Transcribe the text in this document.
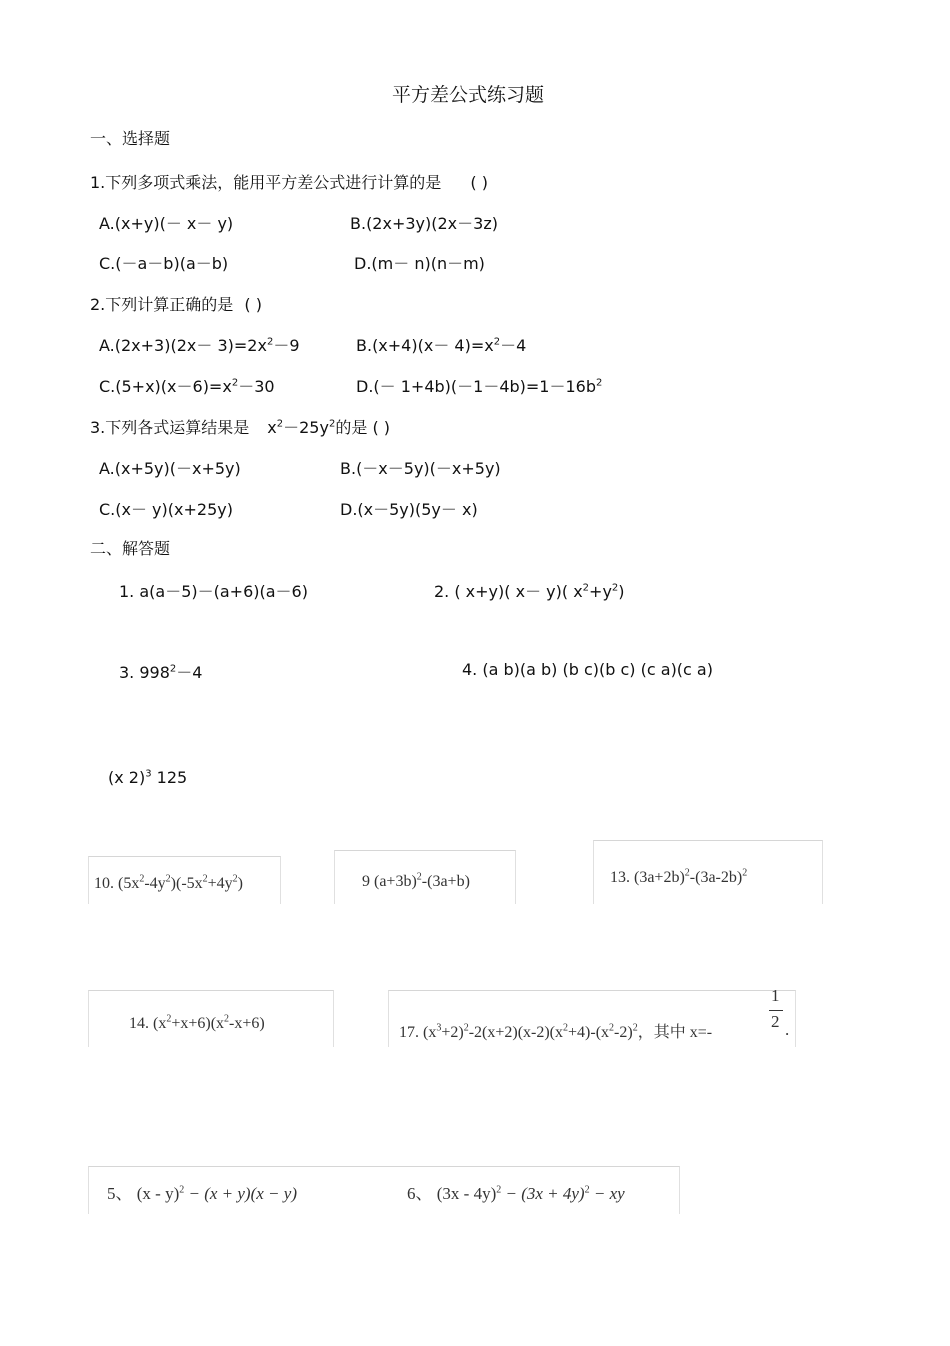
平方差公式练习题
一、选择题
1.下列多项式乘法，能用平方差公式进行计算的是 ( )
A.(x+y)(－ x－ y)	B.(2x+3y)(2x－3z)
C.(－a－b)(a－b)	D.(m－ n)(n－m)
2.下列计算正确的是 ( )
$A.(2x+3)(2x- 3)=2x^2-9$	$B.(x+4)(x- 4)=x^2-4$
$C.(5+x)(x-6)=x^2-30$	$D.(- 1+4b)(-1-4b)=1-16b^2$
3.下列各式运算结果是 $x^2-25y^2$的是 ( )
A.(x+5y)(－x+5y)	B.(－x－5y)(－x+5y)
C.(x－ y)(x+25y)	D.(x－5y)(5y－ x)
二、解答题
1. a(a－5)－(a+6)(a－6)	2. ( x+y)( x－ y)( $x^2+y^2$)
3. $998^2-4$	4. (a b)(a b) (b c)(b c) (c a)(c a)
(x 2)$^3$ 125
10. $(5x^2-4y^2)(-5x^2+4y^2)$	9 $(a+3b)^2-(3a+b)$	13. $(3a+2b)^2-(3a-2b)^2$
14. $(x^2+x+6)(x^2-x+6)$
17. $(x^3+2)^2-2(x+2)(x-2)(x^2+4)-(x^2-2)^2$，其中 x=-
1
2 .
5、 (x - y)$^2$ − (x + y)(x − y)	6、 $(3x - 4y)^2 - (3x + 4y)^2$ − xy
